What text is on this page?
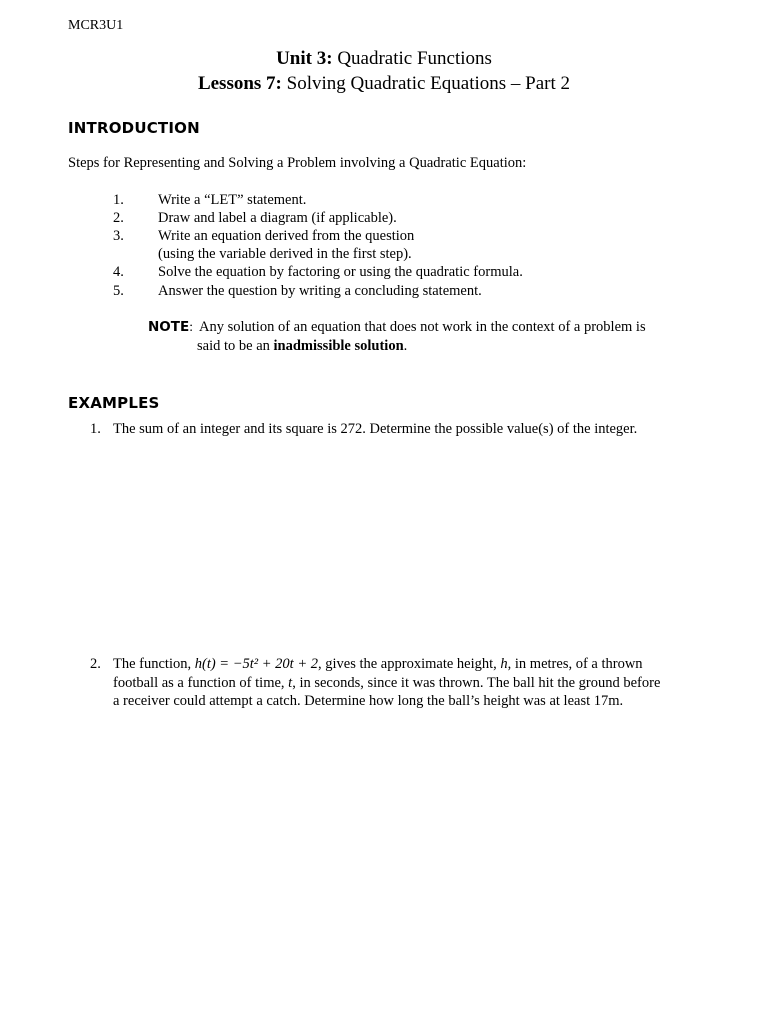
MCR3U1
Unit 3: Quadratic Functions
Lessons 7: Solving Quadratic Equations – Part 2
INTRODUCTION
Steps for Representing and Solving a Problem involving a Quadratic Equation:
1.	Write a “LET” statement.
2.	Draw and label a diagram (if applicable).
3.	Write an equation derived from the question
(using the variable derived in the first step).
4.	Solve the equation by factoring or using the quadratic formula.
5.	Answer the question by writing a concluding statement.
NOTE: Any solution of an equation that does not work in the context of a problem is
said to be an inadmissible solution.
EXAMPLES
1. The sum of an integer and its square is 272. Determine the possible value(s) of the integer.
2. The function, h(t) = −5t² + 20t + 2, gives the approximate height, h, in metres, of a thrown
football as a function of time, t, in seconds, since it was thrown. The ball hit the ground before
a receiver could attempt a catch. Determine how long the ball’s height was at least 17m.
